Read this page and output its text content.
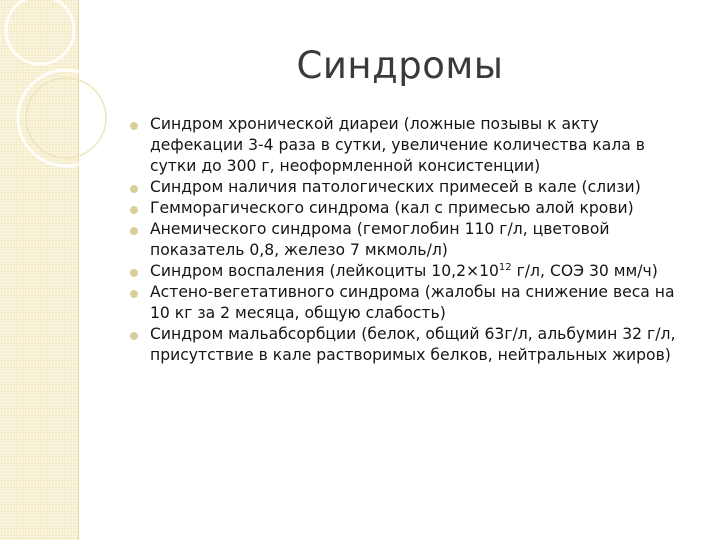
Синдромы
Синдром хронической диареи (ложные позывы к акту дефекации 3-4 раза в сутки, увеличение количества кала в сутки до 300 г, неоформленной консистенции)
Синдром наличия патологических примесей в кале (слизи)
Гемморагического синдрома (кал с примесью алой крови)
Анемического синдрома (гемоглобин 110 г/л, цветовой показатель 0,8, железо 7 мкмоль/л)
Синдром воспаления (лейкоциты $10,2\times 10^{12}$ г/л, СОЭ 30 мм/ч)
Астено-вегетативного синдрома (жалобы на снижение веса на 10 кг за 2 месяца, общую слабость)
Синдром мальабсорбции (белок, общий 63г/л, альбумин 32 г/л, присутствие в кале растворимых белков, нейтральных жиров)
